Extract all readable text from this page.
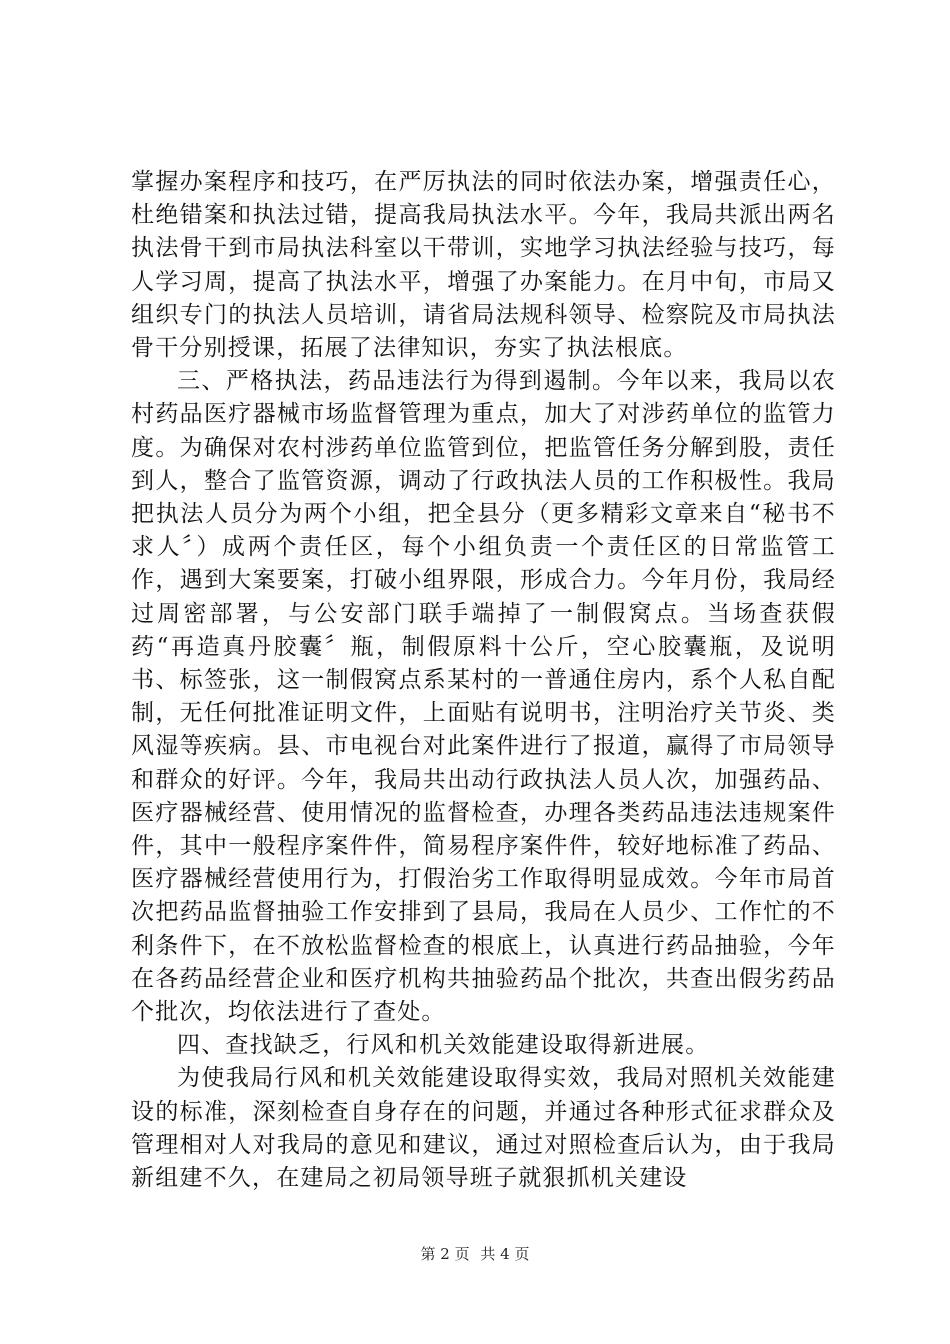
掌握办案程序和技巧，在严厉执法的同时依法办案，增强责任心，杜绝错案和执法过错，提高我局执法水平。今年，我局共派出两名执法骨干到市局执法科室以干带训，实地学习执法经验与技巧，每人学习周，提高了执法水平，增强了办案能力。在月中旬，市局又组织专门的执法人员培训，请省局法规科领导、检察院及市局执法骨干分别授课，拓展了法律知识，夯实了执法根底。

三、严格执法，药品违法行为得到遏制。今年以来，我局以农村药品医疗器械市场监督管理为重点，加大了对涉药单位的监管力度。为确保对农村涉药单位监管到位，把监管任务分解到股，责任到人，整合了监管资源，调动了行政执法人员的工作积极性。我局把执法人员分为两个小组，把全县分（更多精彩文章来自“秘书不求人〞）成两个责任区，每个小组负责一个责任区的日常监管工作，遇到大案要案，打破小组界限，形成合力。今年月份，我局经过周密部署，与公安部门联手端掉了一制假窝点。当场查获假药“再造真丹胶囊〞瓶，制假原料十公斤，空心胶囊瓶，及说明书、标签张，这一制假窝点系某村的一普通住房内，系个人私自配制，无任何批准证明文件，上面贴有说明书，注明治疗关节炎、类风湿等疾病。县、市电视台对此案件进行了报道，赢得了市局领导和群众的好评。今年，我局共出动行政执法人员人次，加强药品、医疗器械经营、使用情况的监督检查，办理各类药品违法违规案件件，其中一般程序案件件，简易程序案件件，较好地标准了药品、医疗器械经营使用行为，打假治劣工作取得明显成效。今年市局首次把药品监督抽验工作安排到了县局，我局在人员少、工作忙的不利条件下，在不放松监督检查的根底上，认真进行药品抽验，今年在各药品经营企业和医疗机构共抽验药品个批次，共查出假劣药品个批次，均依法进行了查处。

四、查找缺乏，行风和机关效能建设取得新进展。

为使我局行风和机关效能建设取得实效，我局对照机关效能建设的标准，深刻检查自身存在的问题，并通过各种形式征求群众及管理相对人对我局的意见和建议，通过对照检查后认为，由于我局新组建不久，在建局之初局领导班子就狠抓机关建设

第 2 页 共 4 页
